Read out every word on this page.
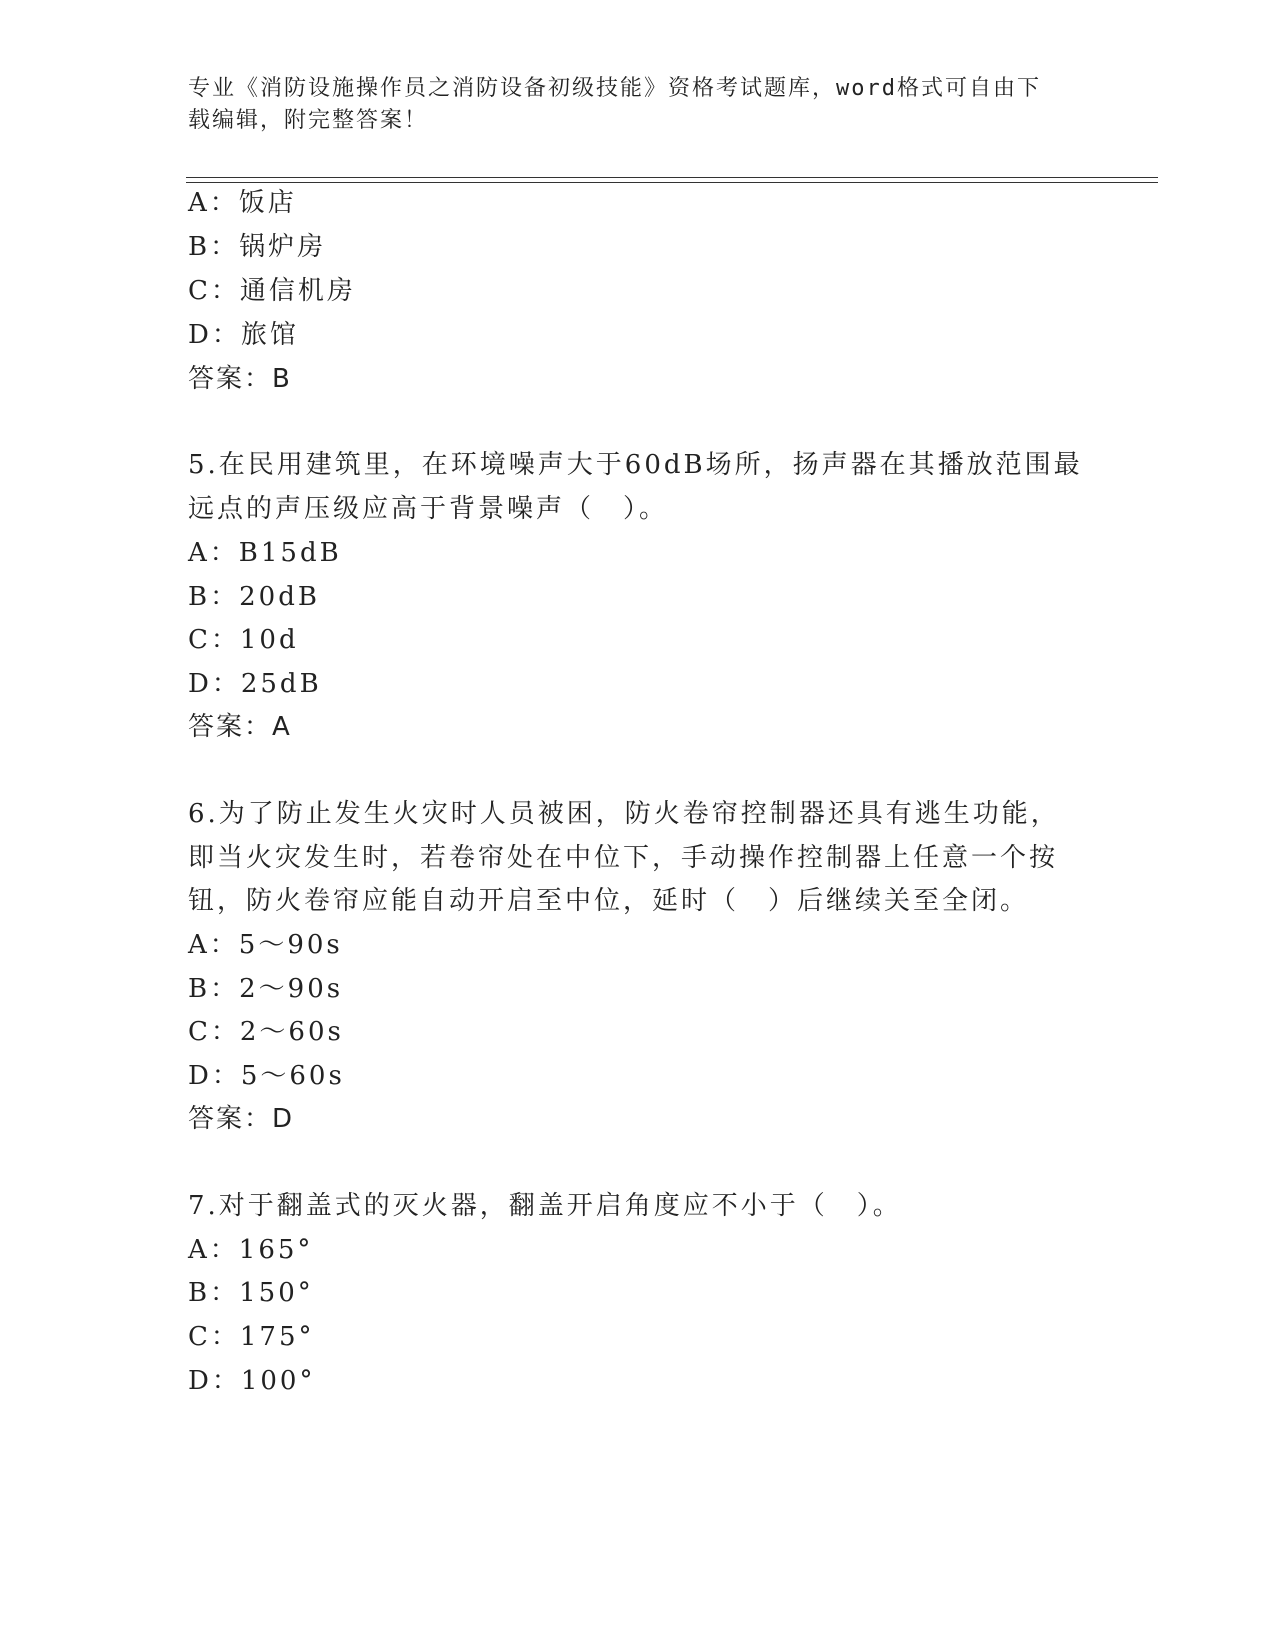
专业《消防设施操作员之消防设备初级技能》资格考试题库，word格式可自由下
载编辑，附完整答案！
A：饭店
B：锅炉房
C：通信机房
D：旅馆
答案：B
5.在民用建筑里，在环境噪声大于60dB场所，扬声器在其播放范围最
远点的声压级应高于背景噪声（　）。
A：B15dB
B：20dB
C：10d
D：25dB
答案：A
6.为了防止发生火灾时人员被困，防火卷帘控制器还具有逃生功能，
即当火灾发生时，若卷帘处在中位下，手动操作控制器上任意一个按
钮，防火卷帘应能自动开启至中位，延时（　）后继续关至全闭。
A：5～90s
B：2～90s
C：2～60s
D：5～60s
答案：D
7.对于翻盖式的灭火器，翻盖开启角度应不小于（　）。
A：165°
B：150°
C：175°
D：100°
